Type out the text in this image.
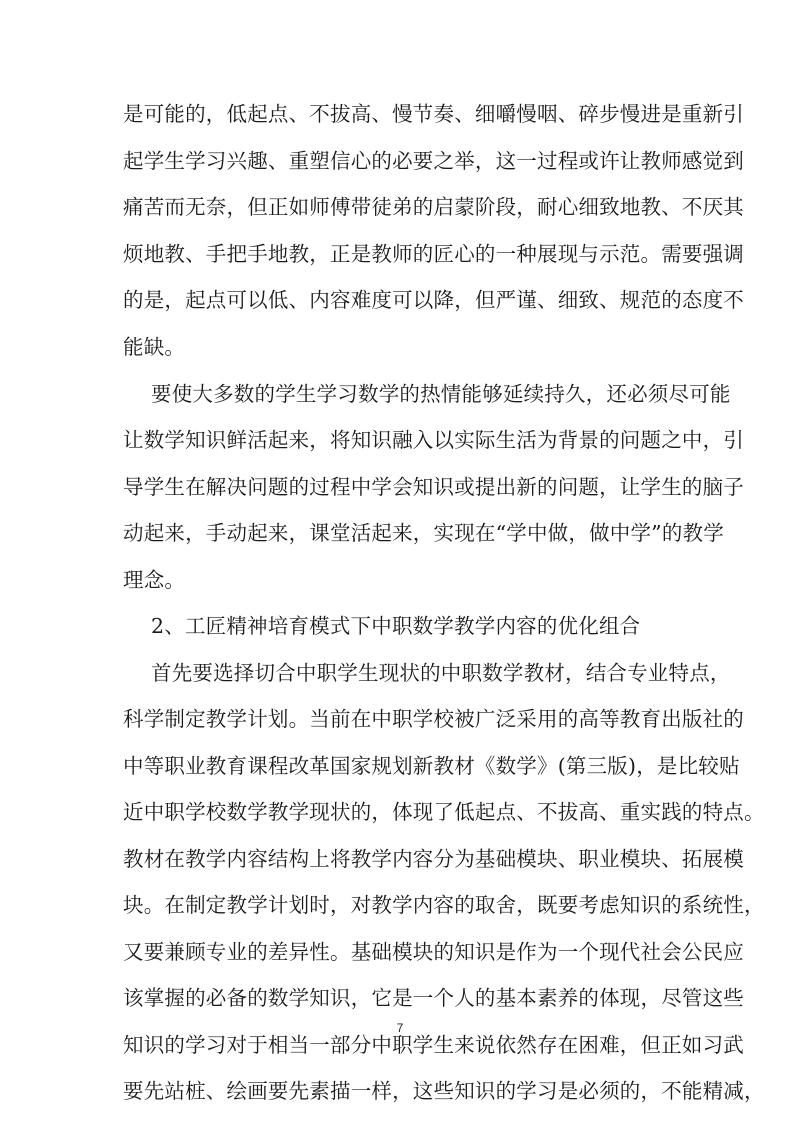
是可能的，低起点、不拔高、慢节奏、细嚼慢咽、碎步慢进是重新引
起学生学习兴趣、重塑信心的必要之举，这一过程或许让教师感觉到
痛苦而无奈，但正如师傅带徒弟的启蒙阶段，耐心细致地教、不厌其
烦地教、手把手地教，正是教师的匠心的一种展现与示范。需要强调
的是，起点可以低、内容难度可以降，但严谨、细致、规范的态度不
能缺。
要使大多数的学生学习数学的热情能够延续持久，还必须尽可能
让数学知识鲜活起来，将知识融入以实际生活为背景的问题之中，引
导学生在解决问题的过程中学会知识或提出新的问题，让学生的脑子
动起来，手动起来，课堂活起来，实现在“学中做，做中学”的教学
理念。
2、工匠精神培育模式下中职数学教学内容的优化组合
首先要选择切合中职学生现状的中职数学教材，结合专业特点，
科学制定教学计划。当前在中职学校被广泛采用的高等教育出版社的
中等职业教育课程改革国家规划新教材《数学》(第三版)，是比较贴
近中职学校数学教学现状的，体现了低起点、不拔高、重实践的特点。
教材在教学内容结构上将教学内容分为基础模块、职业模块、拓展模
块。在制定教学计划时，对教学内容的取舍，既要考虑知识的系统性，
又要兼顾专业的差异性。基础模块的知识是作为一个现代社会公民应
该掌握的必备的数学知识，它是一个人的基本素养的体现，尽管这些
知识的学习对于相当一部分中职学生来说依然存在困难，但正如习武
要先站桩、绘画要先素描一样，这些知识的学习是必须的，不能精减，
7
